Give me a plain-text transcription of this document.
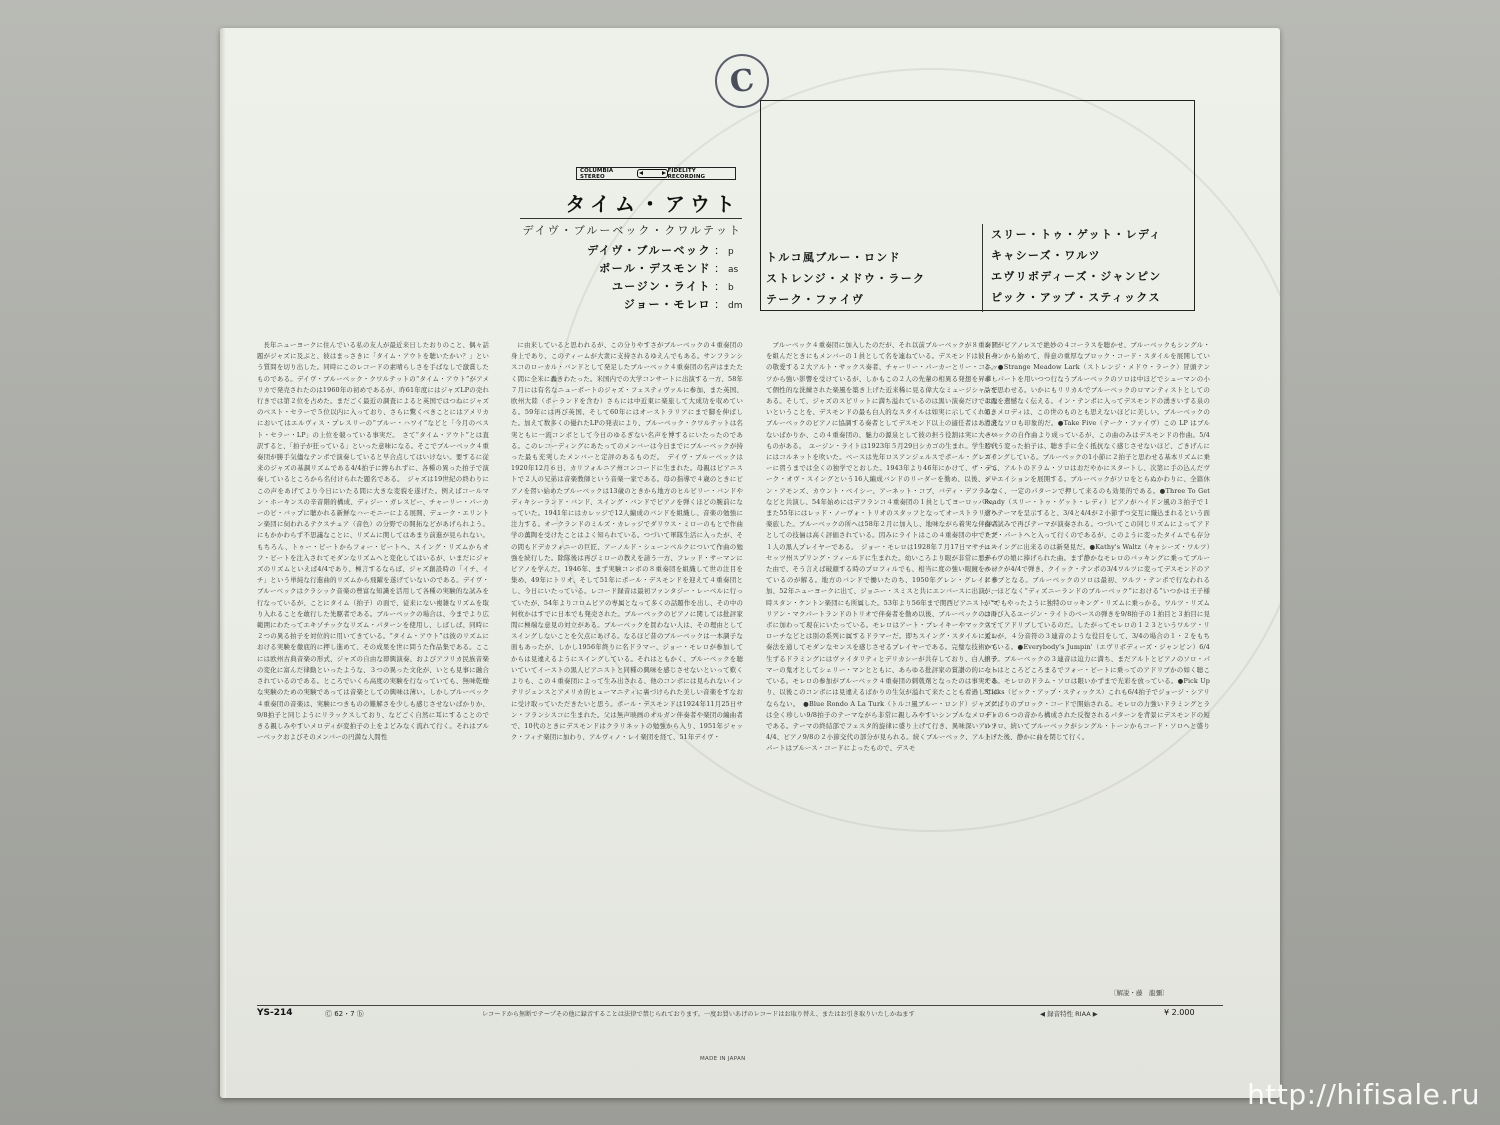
C
COLUMBIA STEREO
FIDELITY RECORDING
タイム・アウト
デイヴ・ブルーベック・クワルテット
デイヴ・ブルーベック ： p
ポール・デスモンド ： as
ユージン・ライト ： b
ジョー・モレロ ： dm
トルコ風ブルー・ロンド
ストレンジ・メドウ・ラーク
テーク・ファイヴ
スリー・トゥ・ゲット・レディ
キャシーズ・ワルツ
エヴリボディーズ・ジャンピン
ピック・アップ・スティックス

長年ニューヨークに住んでいる私の友人が最近来日したおりのこと、偶々話題がジャズに及ぶと、彼はまっさきに「タイム・アウトを聴いたかい？」という質問を切り出した。同時にこのレコードの素晴らしさを手ばなしで激賞したものである。デイヴ・ブルーベック・クワルテットの“タイム・アウト”がアメリカで発売されたのは1960年の初めであるが、昨61年度にはジャズLPの売れ行きでは第２位を占めた。まだごく最近の調査によると英国ではつねにジャズのベスト・セラーで５位以内に入っており、さらに驚くべきことにはアメリカにおいてはエルヴィス・プレスリーの“ブルー・ハワイ”などと「今月のベスト・セラー・LP」の上位を競っている事実だ。　さて“タイム・アウト”とは直訳すると、「拍子が狂っている」といった意味になる。そこでブルーベック４重奏団が勝手気儘なテンポで演奏していると早合点してはいけない。要するに従来のジャズの基調リズムである4/4拍子に縛られずに、各種の異った拍子で演奏しているところから名付けられた題名である。　ジャズは19世紀の終わりにこの声をあげてより今日にいたる間に大きな変貌を遂げた。例えばコールマン・ホーキンスの辛音階的構成、ディジー・ガレスピー、チャーリー・パーカーのビ・バップに聴かれる新鮮なハーモニーによる展開、デューク・エリントン楽団に伺われるテクスチュア（音色）の分野での開拓などがあげられよう。にもかかわらず不思議なことに、リズムに関してはあまり前進が見られない。もちろん、トゥー・ビートからフォー・ビートへ、スイング・リズムからオフ・ビートを注入されてモダンなリズムへと変化してはいるが、いまだにジャズのリズムといえば4/4であり、極言するならば、ジャズ創設時の「イチ、イチ」という単純な行進曲的リズムから飛躍を遂げていないのである。デイヴ・ブルーベックはクラシック音楽の豊富な知識を活用して各種の実験的な試みを行なっているが、ことにタイム（拍子）の面で、従来にない複雑なリズムを取り入れることを敢行した先駆者である。ブルーベックの場合は、今までより広範囲にわたってエキゾチックなリズム・パターンを使用し、しばしば、同時に２つの異る拍子を対位的に用いてきている。“タイム・アウト”は彼のリズムにおける実験を徹底的に押し進めて、その成果を世に問うた作品集である。ここには欧州古典音楽の形式、ジャズの自由な即興演奏、およびアフリカ民族音楽の変化に富んだ律動といったような、３つの異った文化が、いとも見事に融合されているのである。ところでいくら高度の実験を行なっていても、無味乾燥な実験のための実験であっては音楽としての興味は薄い。しかしブルーベック４重奏団の音楽は、実験につきものの難解さを少しも感じさせないばかりか、9/8拍子と同じようにリラックスしており、などごく自然に耳にすることのできる親しみやすいメロディが変拍子の上をよどみなく流れて行く。それはブルーベックおよびそのメンバーの円満な人間性

に由来していると思われるが、この分りやすさがブルーベックの４重奏団の身上であり、このティームが大衆に支持されるゆえんでもある。サンフランシスコのローカル・バンドとして発足したブルーベック４重奏団の名声はまたたく間に全米に轟きわたった。米国内での大学コンサートに出演する一方、58年７月には有名なニューポートのジャズ・フェスティヴァルに参加、また英国、欧州大陸（ポーランドを含む）さらには中近東に楽旅して大成功を収めている。59年には再び英国、そして60年にはオーストラリアにまで脚を伸ばした。加えて数多くの優れたLPの発表により、ブルーベック・クワルテットは名実ともに一流コンボとして今日のゆるぎない名声を博するにいたったのである。このレコーディングにあたってのメンバーは今日までにブルーベックが持った最も充実したメンバーと定評のあるものだ。　デイヴ・ブルーベックは1920年12月６日、カリフォルニア州コンコードに生まれた。母親はピアニストで２人の兄弟は音楽教師という音楽一家である。母の指導で４歳のときにピアノを習い始めたブルーベックは13歳のときから地方のヒルビリー・バンドやディキシーランド・バンド、スイング・バンドでピアノを弾くほどの腕前になっていた。1941年にはカレッジで12人編成のバンドを組織し、音楽の勉強に注力する。オークランドのミルズ・カレッジでダリウス・ミローのもとで作曲学の薫陶を受けたことはよく知られている。つづいて軍隊生活に入ったが、その間もドデカフォニーの巨匠、アーノルド・シェーンベルクについて作曲の勉強を続行した。除隊後は再びミローの教えを請う一方、フレッド・サーマンにピアノを学んだ。1946年、まず実験コンボの８重奏団を組織して世の注目を集め、49年にトリオ、そして51年にポール・デスモンドを迎えて４重奏団とし、今日にいたっている。レコード録音は最初ファンタジー・レーベルに行っていたが、54年よりコロムビアの専属となって多くの話題作を出し、その中の何枚かはすでに日本でも発売された。ブルーベックのピアノに関しては批評家間に極端な意見の対立がある。ブルーベックを買わない人は、その理由としてスイングしないことを欠点にあげる。なるほど昔のブルーベックは一本調子な面もあったが、しかし1956年終りに名ドラマー、ジョー・モレロが参加してからは見違えるようにスイングしている。それはともかく、ブルーベックを聴いていてイーストの黒人ピアニストと同種の興味を感じさせないといって歎くよりも、この４重奏団によって生み出される、他のコンボには見られないインテリジェンスとアメリカ的ヒューマニティに裏づけられた美しい音楽をすなおに受け取っていただきたいと思う。ポール・デスモンドは1924年11月25日サン・フランシスコに生まれた。父は無声映画のオルガン伴奏者や楽団の編曲者で、10代のときにデスモンドはクラリネットの勉強から入り、1951年ジャック・フィナ楽団に加わり、アルヴィノ・レイ楽団を経て、51年デイヴ・

ブルーベック４重奏団に加入したのだが、それ以前ブルーベックが８重奏団を組んだときにもメンバーの１員として名を連ねている。デスモンドは彼自身の敬愛する２大アルト・サックス奏者、チャーリー・パーカーとリー・コニッツから強い影響を受けているが、しかもこの２人の先輩の相異る発想を昇華して個性的な洗練された楽風を築き上げた近来稀に見る偉大なミュージシャンである。そして、ジャズのスピリットに満ち溢れているのは黒い演奏だけではないということを、デスモンドの最も白人的なスタイルは如実に示してくれる。ブルーベックのピアノに協調する奏者としてデスモンド以上の適任者はありえないばかりか、この４重奏団の、魅力の源泉として彼の担う役割は実に大きいものがある。　ユージン・ライトは1923年５月29日シカゴの生まれ。学生時代にはコルネットを吹いた。ベースは先年ロスアンジェルスでポール・グレゴリーに習うまでは全くの独学でとおした。1943年より46年にかけて、ザ・デューク・オヴ・スイングという16人編成バンドのリーダーを勤め、以後、ジーン・アモンズ、カウント・ベイシー、アーネット・コブ、バディ・デフランコなどと共演し、54年始めにはデフランコ４重奏団の１員としてヨーロッパへ、また55年にはレッド・ノーヴォ・トリオのスタッフとなってオーストラリアへ楽旅した。ブルーベックの所へは58年２月に加入し、地味ながら着実な伴奏者としての技倆は高く評価されている。因みにライトはこの４重奏団の中でただ１人の黒人プレイヤーである。　ジョー・モレロは1928年７月17日マサチューセッツ州スプリング・フィールドに生まれた。幼いころより眼が非常に悪かった由で、そう言えば破顔する時のプロフィルでも、相当に度の強い眼鏡をかけているのが解る。地方のバンドで働いたのち、1950年グレン・グレイに参加、52年ニューヨークに出て、ジョニー・スミスと共にエンバースに出演、一時スタン・ケントン楽団にも所属した。53年より56年まで関西ピアニスト、マリアン・マクパートランドのトリオで伴奏者を勤め以後、ブルーベックのコンボに加わって現在にいたっている。モレロはアート・ブレイキーやマックス・ローチなどとは別の系列に属するドラマーだ。即ちスイング・スタイルに近い奏法を通してモダンなセンスを感じさせるプレイヤーである。完璧な技術から生ずるドラミングにはヴァイタリティとデリカシーが共存しており、白人ドラマーの鬼才としてシェリー・マンとともに、あらゆる批評家の賞讃の的になっている。モレロの参加がブルーベック４重奏団の刺戟剤となったのは事実であり、以後このコンボには見違えるばかりの生気が溢れて来たことも看過してはならない。　●Blue Rondo A La Turk（トルコ風ブルー・ロンド）ジャズには全く珍しい9/8拍子のテーマながら非常に親しみやすいシンプルなメロディである。テーマの終結部でフェスタ的旋律に盛り上げて行き、異味深いアルト4/4、ピアノ9/8の２小節交代の部分が見られる。続くブルーベック、アルト・パートはブルース・コードによったもので、デスモ

ンドがピアノレスで絶妙の４コーラスを聴かせ、ブルーベックもシングル・トーンから始めて、得意の重厚なブロック・コード・スタイルを展開している。●Strange Meadow Lark（ストレンジ・メドウ・ラーク）冒頭テンポ・パートを用いつつ行なうブルーベックのソロは中ほどでシューマンの小品を思わせる。いかにもリリカルでブルーベックのロマンティストとしての１面を遺憾なく伝える。イン・テンポに入ってデスモンドの湧きいずる泉の如きメロディは、この世のものとも思えないほどに美しい。ブルーベックの清澄なソロも印象的だ。●Take Five（テーク・ファイヴ）この LP はブルーベックの自作曲より成っているが、この曲のみはデスモンドの作曲。5/4という変った拍子は、聴き手に全く抵抗なく感じさせないほど、ごきげんにスイングしている。ブルーベックの1小節に２拍子と思わせる基本リズムに乗って、アルトのドラム・ソロはおだやかにスタートし、次第に手の込んだヴァリエイションを展開する。ブルーベックがソロをとらぬかわりに、全篇休みなく、一定のパターンで押して来るのも効果的である。●Three To Get Ready（スリー・トゥ・ゲット・レディ）ピアノがハイドン風の３拍子で１通りテーマを呈示すると、3/4と4/4が２小節ずつ交互に織込まれるという面白い試みで再びテーマが演奏される。つづいてこの同じリズムによってアドリブ・パートへと入って行くのであるが、このように変ったタイムでも存分にスイングに出来るのは新発見だ。●Kathy's Waltz（キャシーズ・ワルツ）デイヴの娘に捧げられた曲。まず静かなモレロのバッキングに乗ってブルーベックが4/4で弾き、クイック・テンポの3/4ワルツに変ってデスモンドのアドリブとなる。ブルーベックのソロは最初、ワルツ・テンポで行なわれるが、ほどなく“ディズニーランドのブルーベック”における“いつかは王子様が”でもやったように独特のロッキング・リズムに乗っかる。ワルツ・リズムは再び入るユージン・ライトのベースの弾きを9/8拍子の１拍目と３拍目に見立ててアドリブしているのだ。したがってモレロの１２３というワルツ・リズムが、４分音符の３連音のような役目をして、3/4の場合の１・２をもちいている。●Everybody's Jumpin'（エヴリボディーズ・ジャンピン）6/4拍子。ブルーベックの３連音は迫力に満ち、まだアルトとピアノのソロ・パートはところどころまるでフォー・ビートに乗ってのアドリブかの如く聴こえる。モレロのドラム・ソロは眼いかずまで光彩を放っている。●Pick Up Sticks（ピック・アップ・スティックス）これも6/4拍子でジョージ・シアリングばりのブロック・コードで開始される。モレロの力強いドラミングとライトの６つの音から構成された反復されるパターンを背景にデスモンドの短いソロ、続いてブルーベックがシングル・トーンからコード・ソロへと盛り上げた後、静かに曲を閉じて行く。

〔解説・藤　龍彌〕
YS-214	Ⓒ 62・7 ⓑ	レコードから無断でテープその他に録音することは法律で禁じられております。一度お買いあげのレコードはお取り替え、またはお引き取りいたしかねます	◀ 録音特性 RIAA ▶	¥ 2.000
MADE IN JAPAN
http://hifisale.ru
